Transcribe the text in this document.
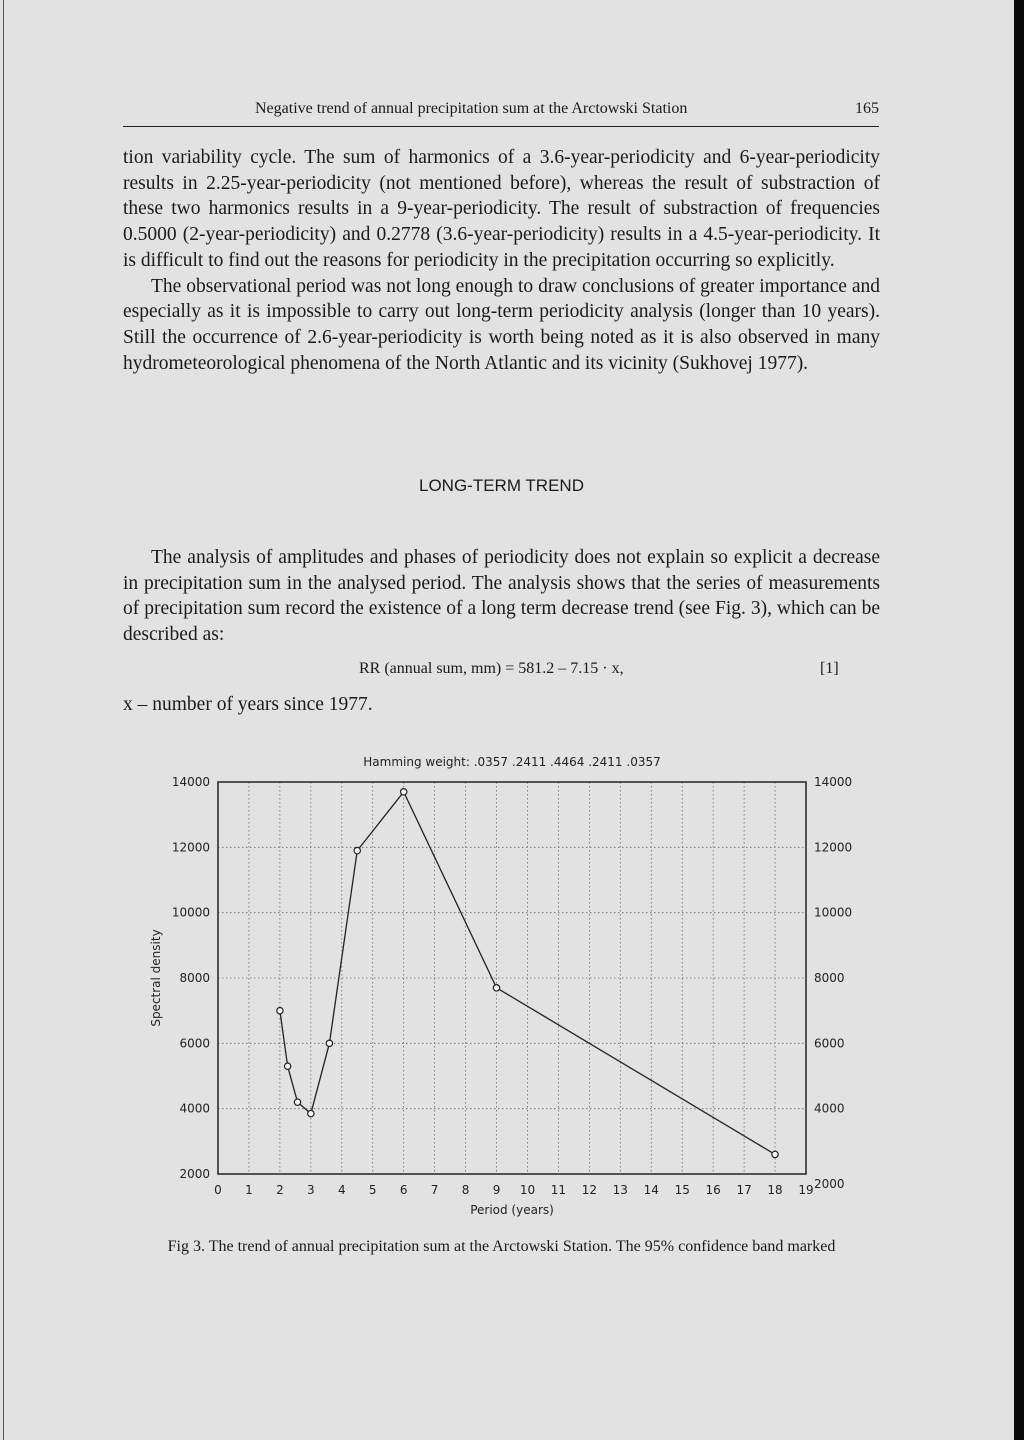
Negative trend of annual precipitation sum at the Arctowski Station	165

tion variability cycle. The sum of harmonics of a 3.6-year-periodicity and 6-year-periodicity results in 2.25-year-periodicity (not mentioned before), whereas the result of substraction of these two harmonics results in a 9-year-periodicity. The result of substraction of frequencies 0.5000 (2-year-periodicity) and 0.2778 (3.6-year-periodicity) results in a 4.5-year-periodicity. It is difficult to find out the reasons for periodicity in the precipitation occurring so explicitly.

The observational period was not long enough to draw conclusions of greater importance and especially as it is impossible to carry out long-term periodicity analysis (longer than 10 years). Still the occurrence of 2.6-year-periodicity is worth being noted as it is also observed in many hydrometeorological phenomena of the North Atlantic and its vicinity (Sukhovej 1977).

LONG-TERM TREND

The analysis of amplitudes and phases of periodicity does not explain so explicit a decrease in precipitation sum in the analysed period. The analysis shows that the series of measurements of precipitation sum record the existence of a long term decrease trend (see Fig. 3), which can be described as:

RR (annual sum, mm) = 581.2 – 7.15 · x,	[1]
x – number of years since 1977.
Hamming weight: .0357 .2411 .4464 .2411 .0357
2000
4000
6000
8000
10000
12000
14000
2000
4000
6000
8000
10000
12000
14000
0 1 2 3 4 5 6 7 8 9 10 11 12 13 14 15 16 17 18 19
Period (years)
Spectral density
Fig 3. The trend of annual precipitation sum at the Arctowski Station. The 95% confidence band marked
